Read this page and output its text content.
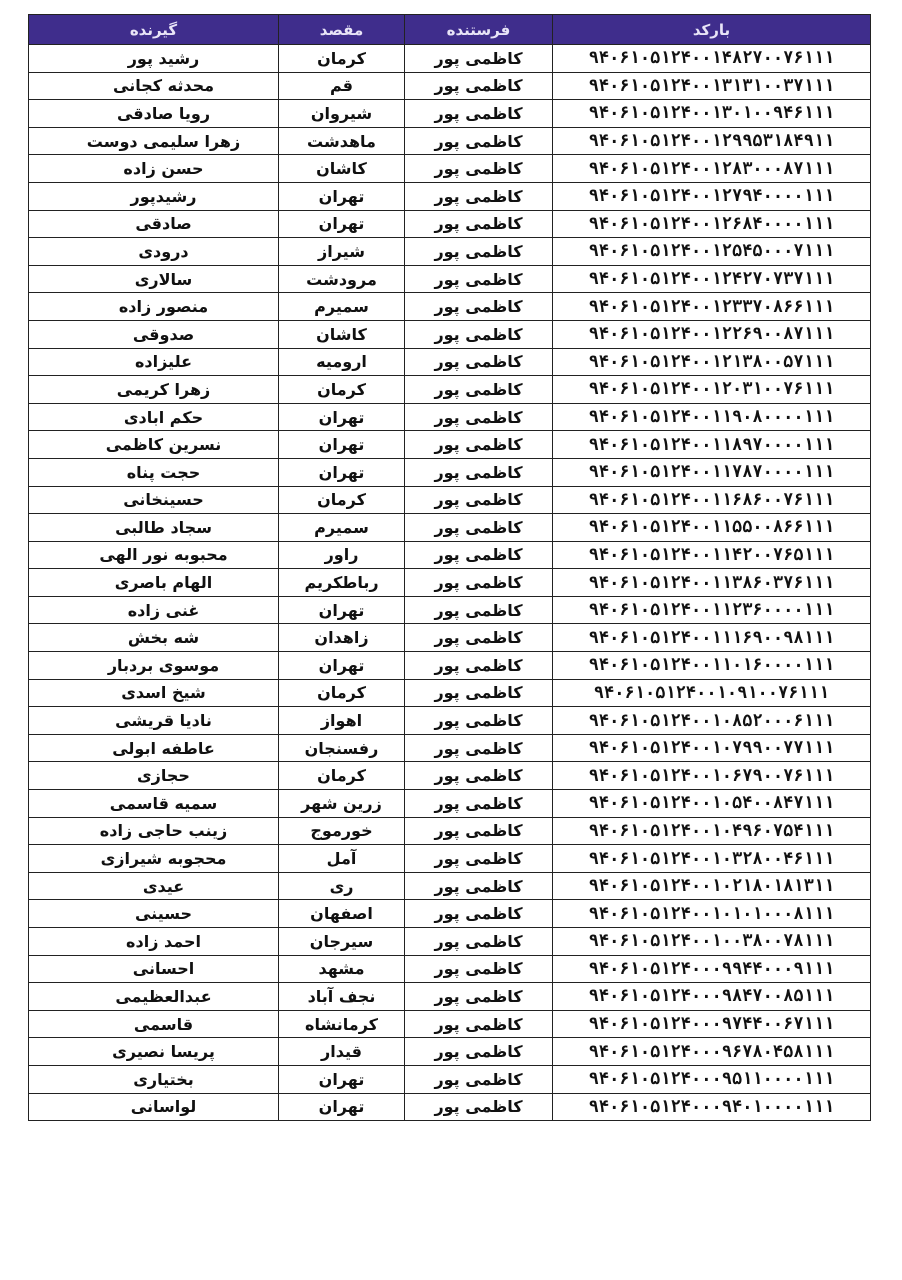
بارکد	فرستنده	مقصد	گیرنده
۹۴۰۶۱۰۵۱۲۴۰۰۱۴۸۲۷۰۰۷۶۱۱۱	کاظمی پور	کرمان	رشید پور
۹۴۰۶۱۰۵۱۲۴۰۰۱۳۱۳۱۰۰۳۷۱۱۱	کاظمی پور	قم	محدثه کجانی
۹۴۰۶۱۰۵۱۲۴۰۰۱۳۰۱۰۰۹۴۶۱۱۱	کاظمی پور	شیروان	رویا صادقی
۹۴۰۶۱۰۵۱۲۴۰۰۱۲۹۹۵۳۱۸۴۹۱۱	کاظمی پور	ماهدشت	زهرا سلیمی دوست
۹۴۰۶۱۰۵۱۲۴۰۰۱۲۸۳۰۰۰۸۷۱۱۱	کاظمی پور	کاشان	حسن زاده
۹۴۰۶۱۰۵۱۲۴۰۰۱۲۷۹۴۰۰۰۰۱۱۱	کاظمی پور	تهران	رشیدپور
۹۴۰۶۱۰۵۱۲۴۰۰۱۲۶۸۴۰۰۰۰۱۱۱	کاظمی پور	تهران	صادقی
۹۴۰۶۱۰۵۱۲۴۰۰۱۲۵۴۵۰۰۰۷۱۱۱	کاظمی پور	شیراز	درودی
۹۴۰۶۱۰۵۱۲۴۰۰۱۲۴۲۷۰۷۳۷۱۱۱	کاظمی پور	مرودشت	سالاری
۹۴۰۶۱۰۵۱۲۴۰۰۱۲۳۳۷۰۸۶۶۱۱۱	کاظمی پور	سمیرم	منصور زاده
۹۴۰۶۱۰۵۱۲۴۰۰۱۲۲۶۹۰۰۸۷۱۱۱	کاظمی پور	کاشان	صدوقی
۹۴۰۶۱۰۵۱۲۴۰۰۱۲۱۳۸۰۰۵۷۱۱۱	کاظمی پور	ارومیه	علیزاده
۹۴۰۶۱۰۵۱۲۴۰۰۱۲۰۳۱۰۰۷۶۱۱۱	کاظمی پور	کرمان	زهرا کریمی
۹۴۰۶۱۰۵۱۲۴۰۰۱۱۹۰۸۰۰۰۰۱۱۱	کاظمی پور	تهران	حکم ابادی
۹۴۰۶۱۰۵۱۲۴۰۰۱۱۸۹۷۰۰۰۰۱۱۱	کاظمی پور	تهران	نسرین کاظمی
۹۴۰۶۱۰۵۱۲۴۰۰۱۱۷۸۷۰۰۰۰۱۱۱	کاظمی پور	تهران	حجت پناه
۹۴۰۶۱۰۵۱۲۴۰۰۱۱۶۸۶۰۰۷۶۱۱۱	کاظمی پور	کرمان	حسینخانی
۹۴۰۶۱۰۵۱۲۴۰۰۱۱۵۵۰۰۸۶۶۱۱۱	کاظمی پور	سمیرم	سجاد طالبی
۹۴۰۶۱۰۵۱۲۴۰۰۱۱۴۲۰۰۷۶۵۱۱۱	کاظمی پور	راور	محبوبه نور الهی
۹۴۰۶۱۰۵۱۲۴۰۰۱۱۳۸۶۰۳۷۶۱۱۱	کاظمی پور	رباطکریم	الهام باصری
۹۴۰۶۱۰۵۱۲۴۰۰۱۱۲۳۶۰۰۰۰۱۱۱	کاظمی پور	تهران	غنی زاده
۹۴۰۶۱۰۵۱۲۴۰۰۱۱۱۶۹۰۰۹۸۱۱۱	کاظمی پور	زاهدان	شه بخش
۹۴۰۶۱۰۵۱۲۴۰۰۱۱۰۱۶۰۰۰۰۱۱۱	کاظمی پور	تهران	موسوی بردبار
۹۴۰۶۱۰۵۱۲۴۰۰۱۰۹۱۰۰۷۶۱۱۱	کاظمی پور	کرمان	شیخ اسدی
۹۴۰۶۱۰۵۱۲۴۰۰۱۰۸۵۲۰۰۰۶۱۱۱	کاظمی پور	اهواز	نادیا قریشی
۹۴۰۶۱۰۵۱۲۴۰۰۱۰۷۹۹۰۰۷۷۱۱۱	کاظمی پور	رفسنجان	عاطفه ابولی
۹۴۰۶۱۰۵۱۲۴۰۰۱۰۶۷۹۰۰۷۶۱۱۱	کاظمی پور	کرمان	حجازی
۹۴۰۶۱۰۵۱۲۴۰۰۱۰۵۴۰۰۸۴۷۱۱۱	کاظمی پور	زرین شهر	سمیه قاسمی
۹۴۰۶۱۰۵۱۲۴۰۰۱۰۴۹۶۰۷۵۴۱۱۱	کاظمی پور	خورموج	زینب حاجی زاده
۹۴۰۶۱۰۵۱۲۴۰۰۱۰۳۲۸۰۰۴۶۱۱۱	کاظمی پور	آمل	محجوبه شیرازی
۹۴۰۶۱۰۵۱۲۴۰۰۱۰۲۱۸۰۱۸۱۳۱۱	کاظمی پور	ری	عیدی
۹۴۰۶۱۰۵۱۲۴۰۰۱۰۱۰۱۰۰۰۸۱۱۱	کاظمی پور	اصفهان	حسینی
۹۴۰۶۱۰۵۱۲۴۰۰۱۰۰۳۸۰۰۷۸۱۱۱	کاظمی پور	سیرجان	احمد زاده
۹۴۰۶۱۰۵۱۲۴۰۰۰۹۹۴۴۰۰۰۹۱۱۱	کاظمی پور	مشهد	احسانی
۹۴۰۶۱۰۵۱۲۴۰۰۰۹۸۴۷۰۰۸۵۱۱۱	کاظمی پور	نجف آباد	عبدالعظیمی
۹۴۰۶۱۰۵۱۲۴۰۰۰۹۷۴۴۰۰۶۷۱۱۱	کاظمی پور	کرمانشاه	قاسمی
۹۴۰۶۱۰۵۱۲۴۰۰۰۹۶۷۸۰۴۵۸۱۱۱	کاظمی پور	قیدار	پریسا نصیری
۹۴۰۶۱۰۵۱۲۴۰۰۰۹۵۱۱۰۰۰۰۱۱۱	کاظمی پور	تهران	بختیاری
۹۴۰۶۱۰۵۱۲۴۰۰۰۹۴۰۱۰۰۰۰۱۱۱	کاظمی پور	تهران	لواسانی
